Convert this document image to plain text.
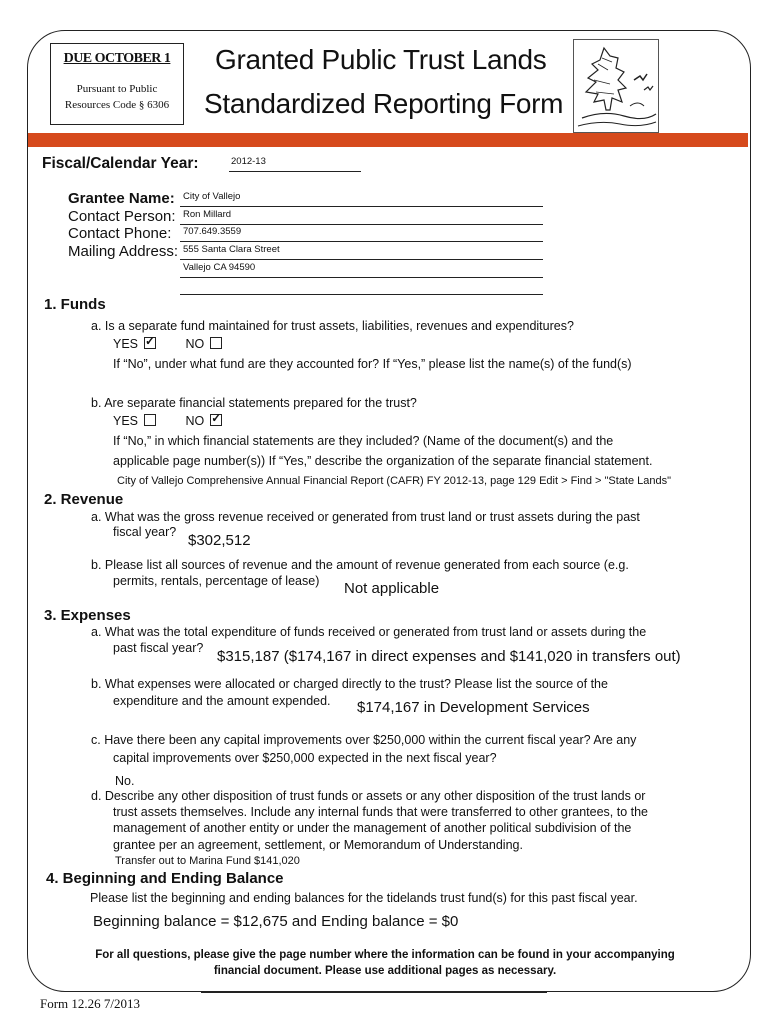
DUE OCTOBER 1
Pursuant to Public
Resources Code § 6306
Granted Public Trust Lands
Standardized Reporting Form
Fiscal/Calendar Year:	2012-13
Grantee Name: City of Vallejo
Contact Person: Ron Millard
Contact Phone: 707.649.3559
Mailing Address: 555 Santa Clara Street
Vallejo CA 94590
1. Funds
a. Is a separate fund maintained for trust assets, liabilities, revenues and expenditures?
YES✓	NO
If “No”, under what fund are they accounted for? If “Yes,” please list the name(s) of the fund(s)
b. Are separate financial statements prepared for the trust?
YES	NO✓
If “No,” in which financial statements are they included? (Name of the document(s) and the
applicable page number(s)) If “Yes,” describe the organization of the separate financial statement.
City of Vallejo Comprehensive Annual Financial Report (CAFR) FY 2012-13, page 129 Edit > Find > "State Lands"
2. Revenue
a. What was the gross revenue received or generated from trust land or trust assets during the past
fiscal year? $302,512
b. Please list all sources of revenue and the amount of revenue generated from each source (e.g.
permits, rentals, percentage of lease) Not applicable
3. Expenses
a. What was the total expenditure of funds received or generated from trust land or assets during the
past fiscal year? $315,187 ($174,167 in direct expenses and $141,020 in transfers out)
b. What expenses were allocated or charged directly to the trust? Please list the source of the
expenditure and the amount expended. $174,167 in Development Services
c. Have there been any capital improvements over $250,000 within the current fiscal year? Are any
capital improvements over $250,000 expected in the next fiscal year?
No.
d. Describe any other disposition of trust funds or assets or any other disposition of the trust lands or
trust assets themselves. Include any internal funds that were transferred to other grantees, to the
management of another entity or under the management of another political subdivision of the
grantee per an agreement, settlement, or Memorandum of Understanding.
Transfer out to Marina Fund $141,020
4. Beginning and Ending Balance
Please list the beginning and ending balances for the tidelands trust fund(s) for this past fiscal year.
Beginning balance = $12,675 and Ending balance = $0
For all questions, please give the page number where the information can be found in your accompanying
financial document. Please use additional pages as necessary.
Form 12.26 7/2013
